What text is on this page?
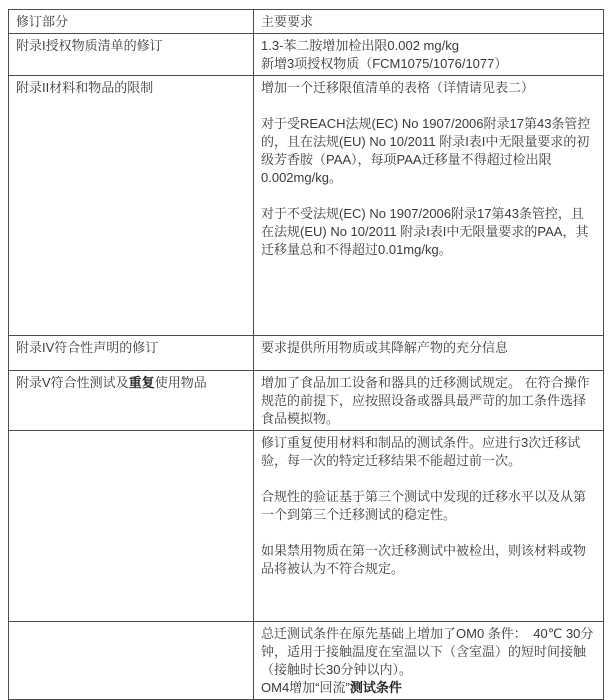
修订部分	主要要求

附录I授权物质清单的修订	1.3-苯二胺增加检出限0.002 mg/kg
新增3项授权物质（FCM1075/1076/1077）

附录II材料和物品的限制	增加一个迁移限值清单的表格（详情请见表二）
对于受REACH法规(EC) No 1907/2006附录17第43条管控的，且在法规(EU) No 10/2011 附录I表I中无限量要求的初级芳香胺（PAA），每项PAA迁移量不得超过检出限0.002mg/kg。
对于不受法规(EC) No 1907/2006附录17第43条管控，且在法规(EU) No 10/2011 附录I表I中无限量要求的PAA，其迁移量总和不得超过0.01mg/kg。

附录IV符合性声明的修订	要求提供所用物质或其降解产物的充分信息

附录V符合性测试及重复使用物品	增加了食品加工设备和器具的迁移测试规定。 在符合操作规范的前提下，应按照设备或器具最严苛的加工条件选择食品模拟物。

	修订重复使用材料和制品的测试条件。应进行3次迁移试验，每一次的特定迁移结果不能超过前一次。
合规性的验证基于第三个测试中发现的迁移水平以及从第一个到第三个迁移测试的稳定性。
如果禁用物质在第一次迁移测试中被检出，则该材料或物品将被认为不符合规定。

	总迁测试条件在原先基础上增加了OM0 条件：　40℃ 30分钟，适用于接触温度在室温以下（含室温）的短时间接触（接触时长30分钟以内）。
OM4增加“回流”测试条件
